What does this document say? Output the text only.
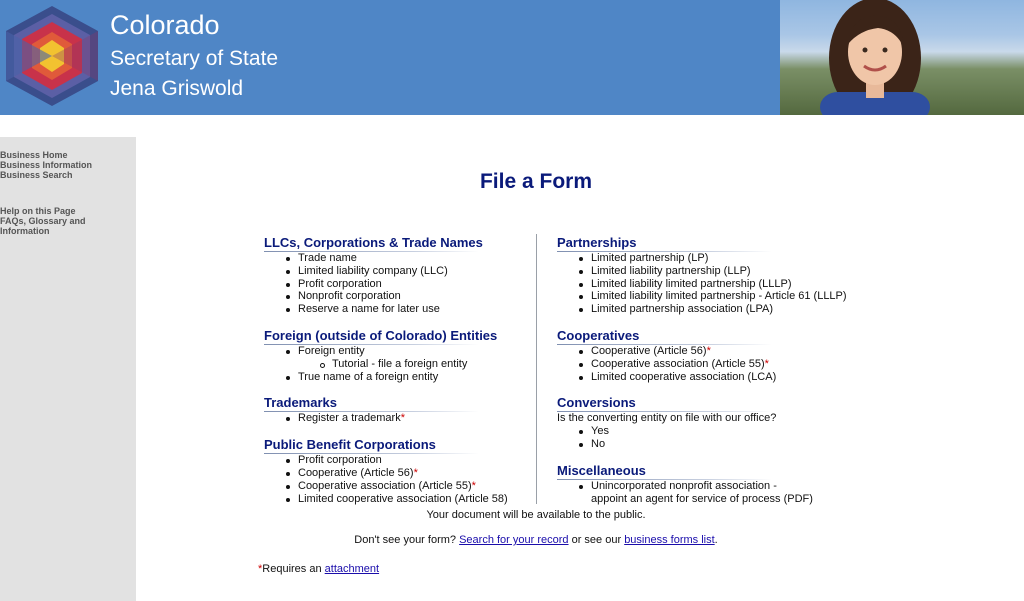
Colorado
Secretary of State
Jena Griswold
Business Home
Business Information
Business Search
Help on this Page
FAQs, Glossary and Information
File a Form
LLCs, Corporations & Trade Names
Trade name
Limited liability company (LLC)
Profit corporation
Nonprofit corporation
Reserve a name for later use
Foreign (outside of Colorado) Entities
Foreign entity
Tutorial - file a foreign entity
True name of a foreign entity
Trademarks
Register a trademark*
Public Benefit Corporations
Profit corporation
Cooperative (Article 56)*
Cooperative association (Article 55)*
Limited cooperative association (Article 58)
Partnerships
Limited partnership (LP)
Limited liability partnership (LLP)
Limited liability limited partnership (LLLP)
Limited liability limited partnership - Article 61 (LLLP)
Limited partnership association (LPA)
Cooperatives
Cooperative (Article 56)*
Cooperative association (Article 55)*
Limited cooperative association (LCA)
Conversions

Is the converting entity on file with our office?

Yes
No
Miscellaneous
Unincorporated nonprofit association -
appoint an agent for service of process (PDF)

Your document will be available to the public.

Don't see your form? Search for your record or see our business forms list.

*Requires an attachment
